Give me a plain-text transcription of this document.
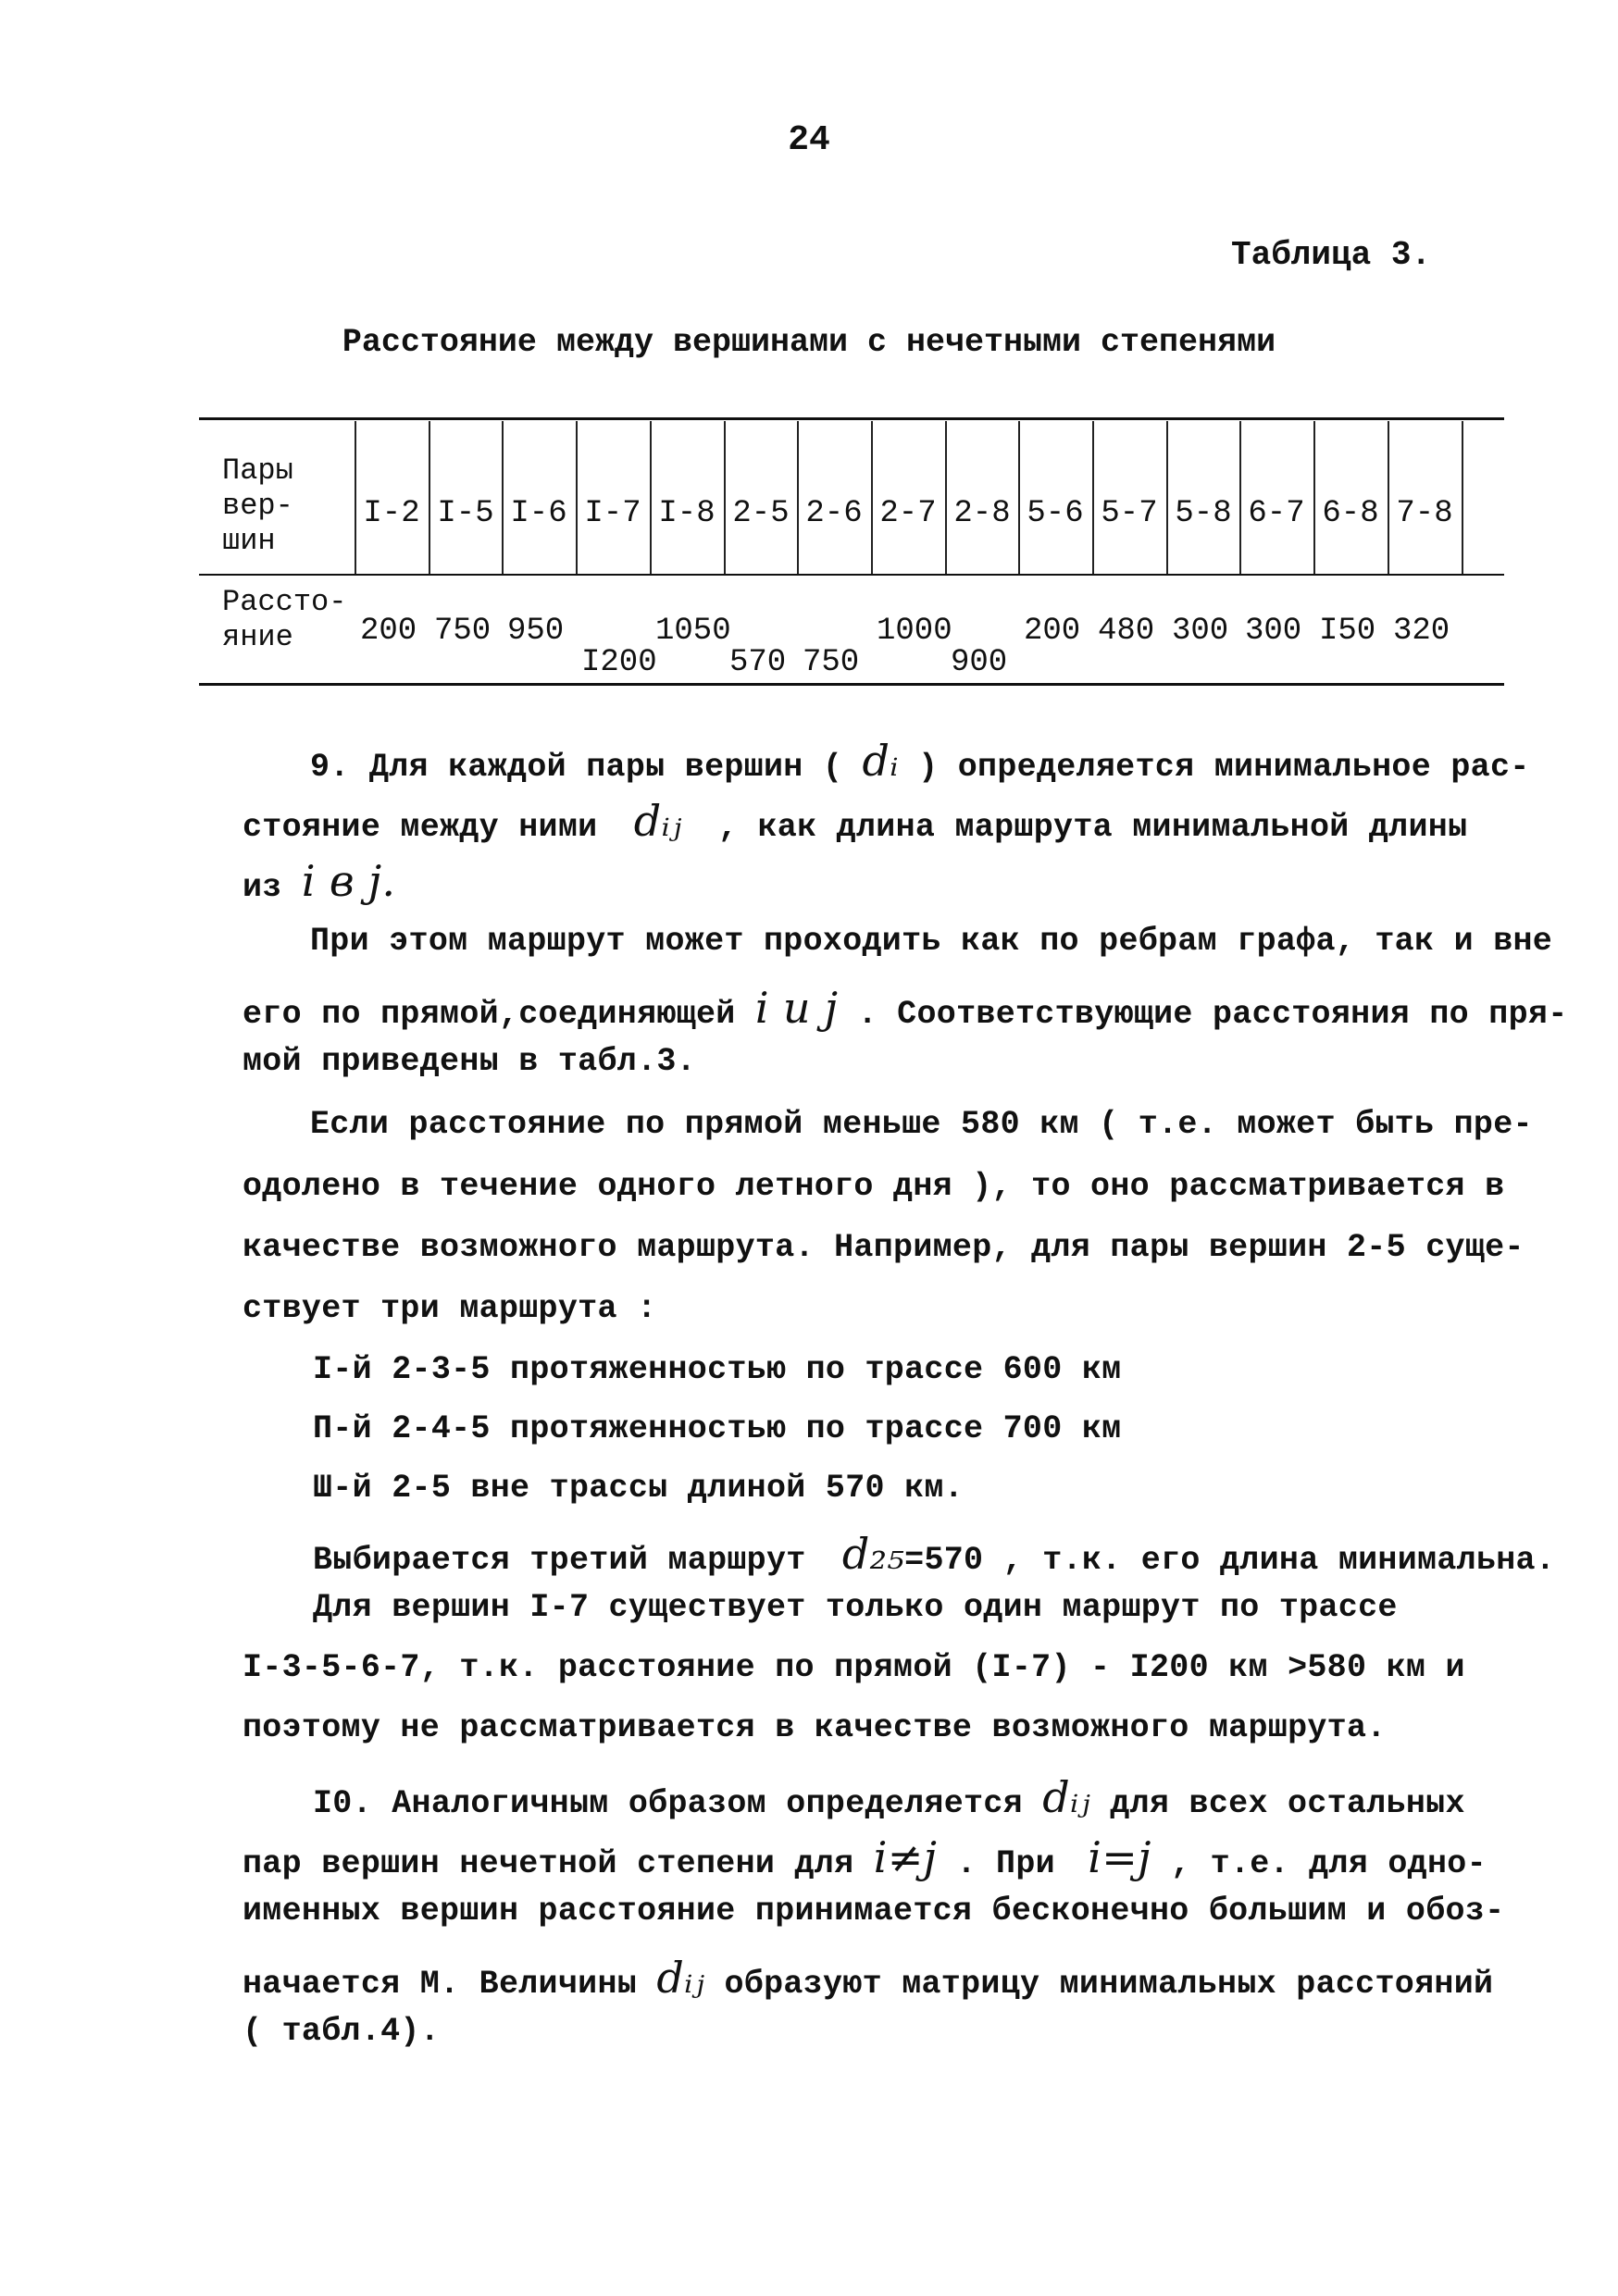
24
Таблица 3.
Расстояние между вершинами с нечетными степенями
Пары
вер-
шин
Рассто-
яние
I-2
200
I-5
750
I-6
950
I-7
I200
I-8
1050
2-5
570
2-6
750
2-7
1000
2-8
900
5-6
200
5-7
480
5-8
300
6-7
300
6-8
I50
7-8
320

9. Для каждой пары вершин ( dᵢ ) определяется минимальное рас-

стояние между ними dᵢⱼ , как длина маршрута минимальной длины

из i в j.

При этом маршрут может проходить как по ребрам графа, так и вне

его по прямой,соединяющей i и j . Соответствующие расстояния по пря-

мой приведены в табл.3.

Если расстояние по прямой меньше 580 км ( т.е. может быть пре-

одолено в течение одного летного дня ), то оно рассматривается в

качестве возможного маршрута. Например, для пары вершин 2-5 суще-

ствует три маршрута :

I-й 2-3-5 протяженностью по трассе 600 км

П-й 2-4-5 протяженностью по трассе 700 км

Ш-й 2-5 вне трассы длиной 570 км.

Выбирается третий маршрут d₂₅=570 , т.к. его длина минимальна.

Для вершин I-7 существует только один маршрут по трассе

I-3-5-6-7, т.к. расстояние по прямой (I-7) - I200 км >580 км и

поэтому не рассматривается в качестве возможного маршрута.

I0. Аналогичным образом определяется dᵢⱼ для всех остальных

пар вершин нечетной степени для i≠j . При i=j , т.е. для одно-

именных вершин расстояние принимается бесконечно большим и обоз-

начается М. Величины dᵢⱼ образуют матрицу минимальных расстояний

( табл.4).
